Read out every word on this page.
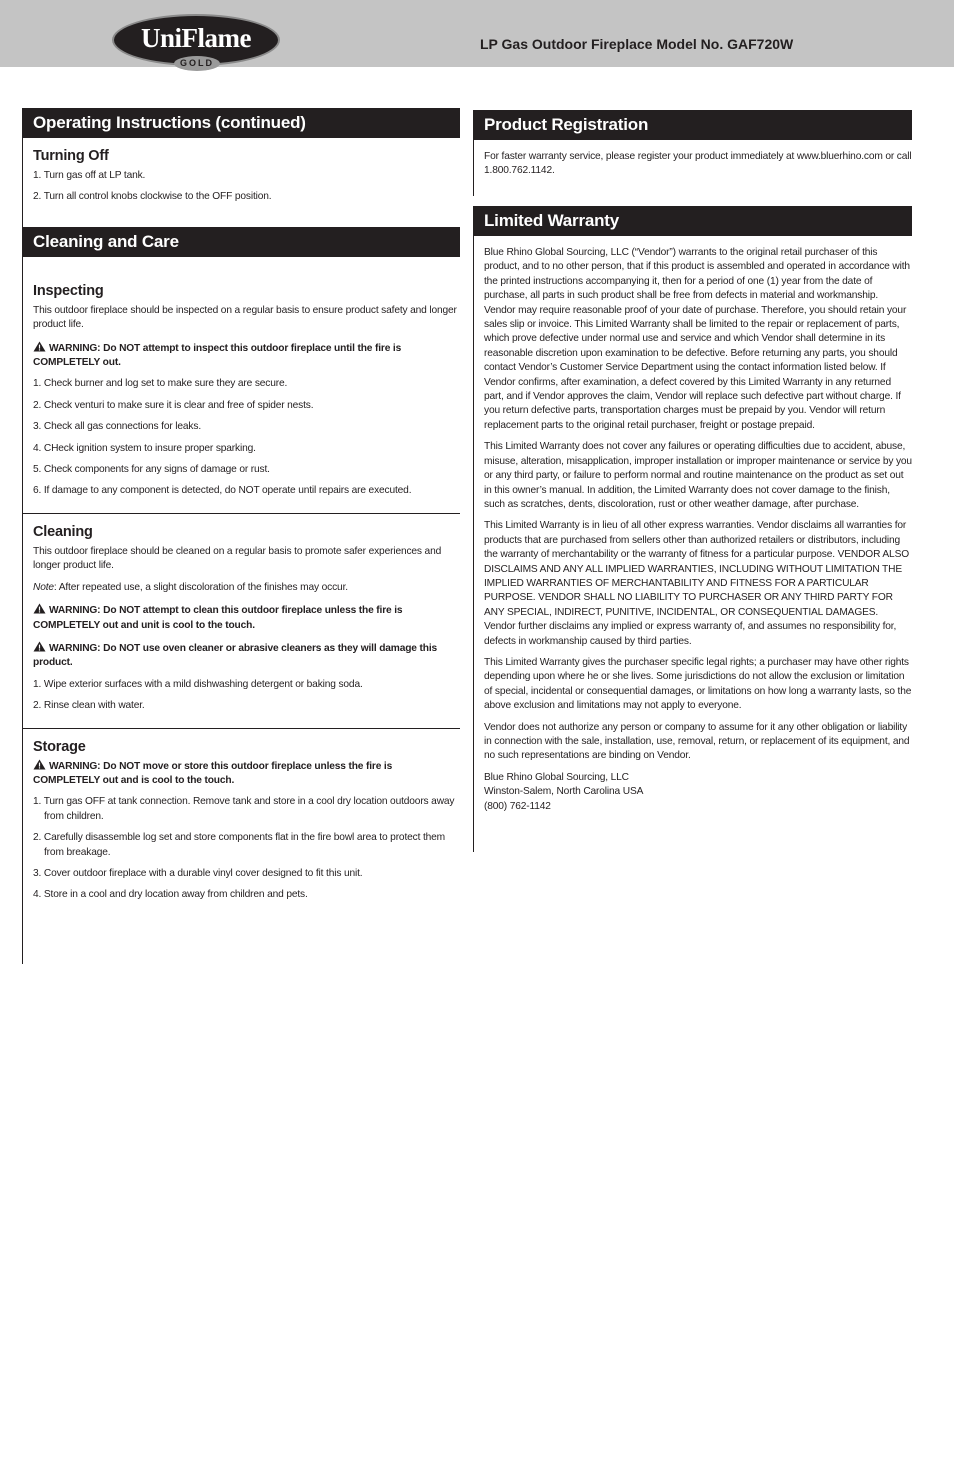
UniFlame
GOLD
LP Gas Outdoor Fireplace Model No. GAF720W
Operating Instructions (continued)
Turning Off
1. Turn gas off at LP tank.
2. Turn all control knobs clockwise to the OFF position.
Cleaning and Care
Inspecting

This outdoor fireplace should be inspected on a regular basis to ensure product safety and longer product life.

WARNING: Do NOT attempt to inspect this outdoor fireplace until the fire is COMPLETELY out.

1. Check burner and log set to make sure they are secure.
2. Check venturi to make sure it is clear and free of spider nests.
3. Check all gas connections for leaks.
4. CHeck ignition system to insure proper sparking.
5. Check components for any signs of damage or rust.
6. If damage to any component is detected, do NOT operate until repairs are executed.
Cleaning

This outdoor fireplace should be cleaned on a regular basis to promote safer experiences and longer product life.

Note: After repeated use, a slight discoloration of the finishes may occur.

WARNING: Do NOT attempt to clean this outdoor fireplace unless the fire is COMPLETELY out and unit is cool to the touch.

WARNING: Do NOT use oven cleaner or abrasive cleaners as they will damage this product.

1. Wipe exterior surfaces with a mild dishwashing detergent or baking soda.
2. Rinse clean with water.
Storage

WARNING: Do NOT move or store this outdoor fireplace unless the fire is COMPLETELY out and is cool to the touch.

1. Turn gas OFF at tank connection. Remove tank and store in a cool dry location outdoors away from children.
2. Carefully disassemble log set and store components flat in the fire bowl area to protect them from breakage.
3. Cover outdoor fireplace with a durable vinyl cover designed to fit this unit.
4. Store in a cool and dry location away from children and pets.
Product Registration

For faster warranty service, please register your product immediately at www.bluerhino.com or call 1.800.762.1142.

Limited Warranty

Blue Rhino Global Sourcing, LLC (“Vendor”) warrants to the original retail purchaser of this product, and to no other person, that if this product is assembled and operated in accordance with the printed instructions accompanying it, then for a period of one (1) year from the date of purchase, all parts in such product shall be free from defects in material and workmanship. Vendor may require reasonable proof of your date of purchase. Therefore, you should retain your sales slip or invoice. This Limited Warranty shall be limited to the repair or replacement of parts, which prove defective under normal use and service and which Vendor shall determine in its reasonable discretion upon examination to be defective. Before returning any parts, you should contact Vendor’s Customer Service Department using the contact information listed below. If Vendor confirms, after examination, a defect covered by this Limited Warranty in any returned part, and if Vendor approves the claim, Vendor will replace such defective part without charge. If you return defective parts, transportation charges must be prepaid by you. Vendor will return replacement parts to the original retail purchaser, freight or postage prepaid.

This Limited Warranty does not cover any failures or operating difficulties due to accident, abuse, misuse, alteration, misapplication, improper installation or improper maintenance or service by you or any third party, or failure to perform normal and routine maintenance on the product as set out in this owner’s manual. In addition, the Limited Warranty does not cover damage to the finish, such as scratches, dents, discoloration, rust or other weather damage, after purchase.

This Limited Warranty is in lieu of all other express warranties. Vendor disclaims all warranties for products that are purchased from sellers other than authorized retailers or distributors, including the warranty of merchantability or the warranty of fitness for a particular purpose. VENDOR ALSO DISCLAIMS AND ANY ALL IMPLIED WARRANTIES, INCLUDING WITHOUT LIMITATION THE IMPLIED WARRANTIES OF MERCHANTABILITY AND FITNESS FOR A PARTICULAR PURPOSE. VENDOR SHALL NO LIABILITY TO PURCHASER OR ANY THIRD PARTY FOR ANY SPECIAL, INDIRECT, PUNITIVE, INCIDENTAL, OR CONSEQUENTIAL DAMAGES. Vendor further disclaims any implied or express warranty of, and assumes no responsibility for, defects in workmanship caused by third parties.

This Limited Warranty gives the purchaser specific legal rights; a purchaser may have other rights depending upon where he or she lives. Some jurisdictions do not allow the exclusion or limitation of special, incidental or consequential damages, or limitations on how long a warranty lasts, so the above exclusion and limitations may not apply to everyone.

Vendor does not authorize any person or company to assume for it any other obligation or liability in connection with the sale, installation, use, removal, return, or replacement of its equipment, and no such representations are binding on Vendor.

Blue Rhino Global Sourcing, LLC

Winston-Salem, North Carolina USA

(800) 762-1142
